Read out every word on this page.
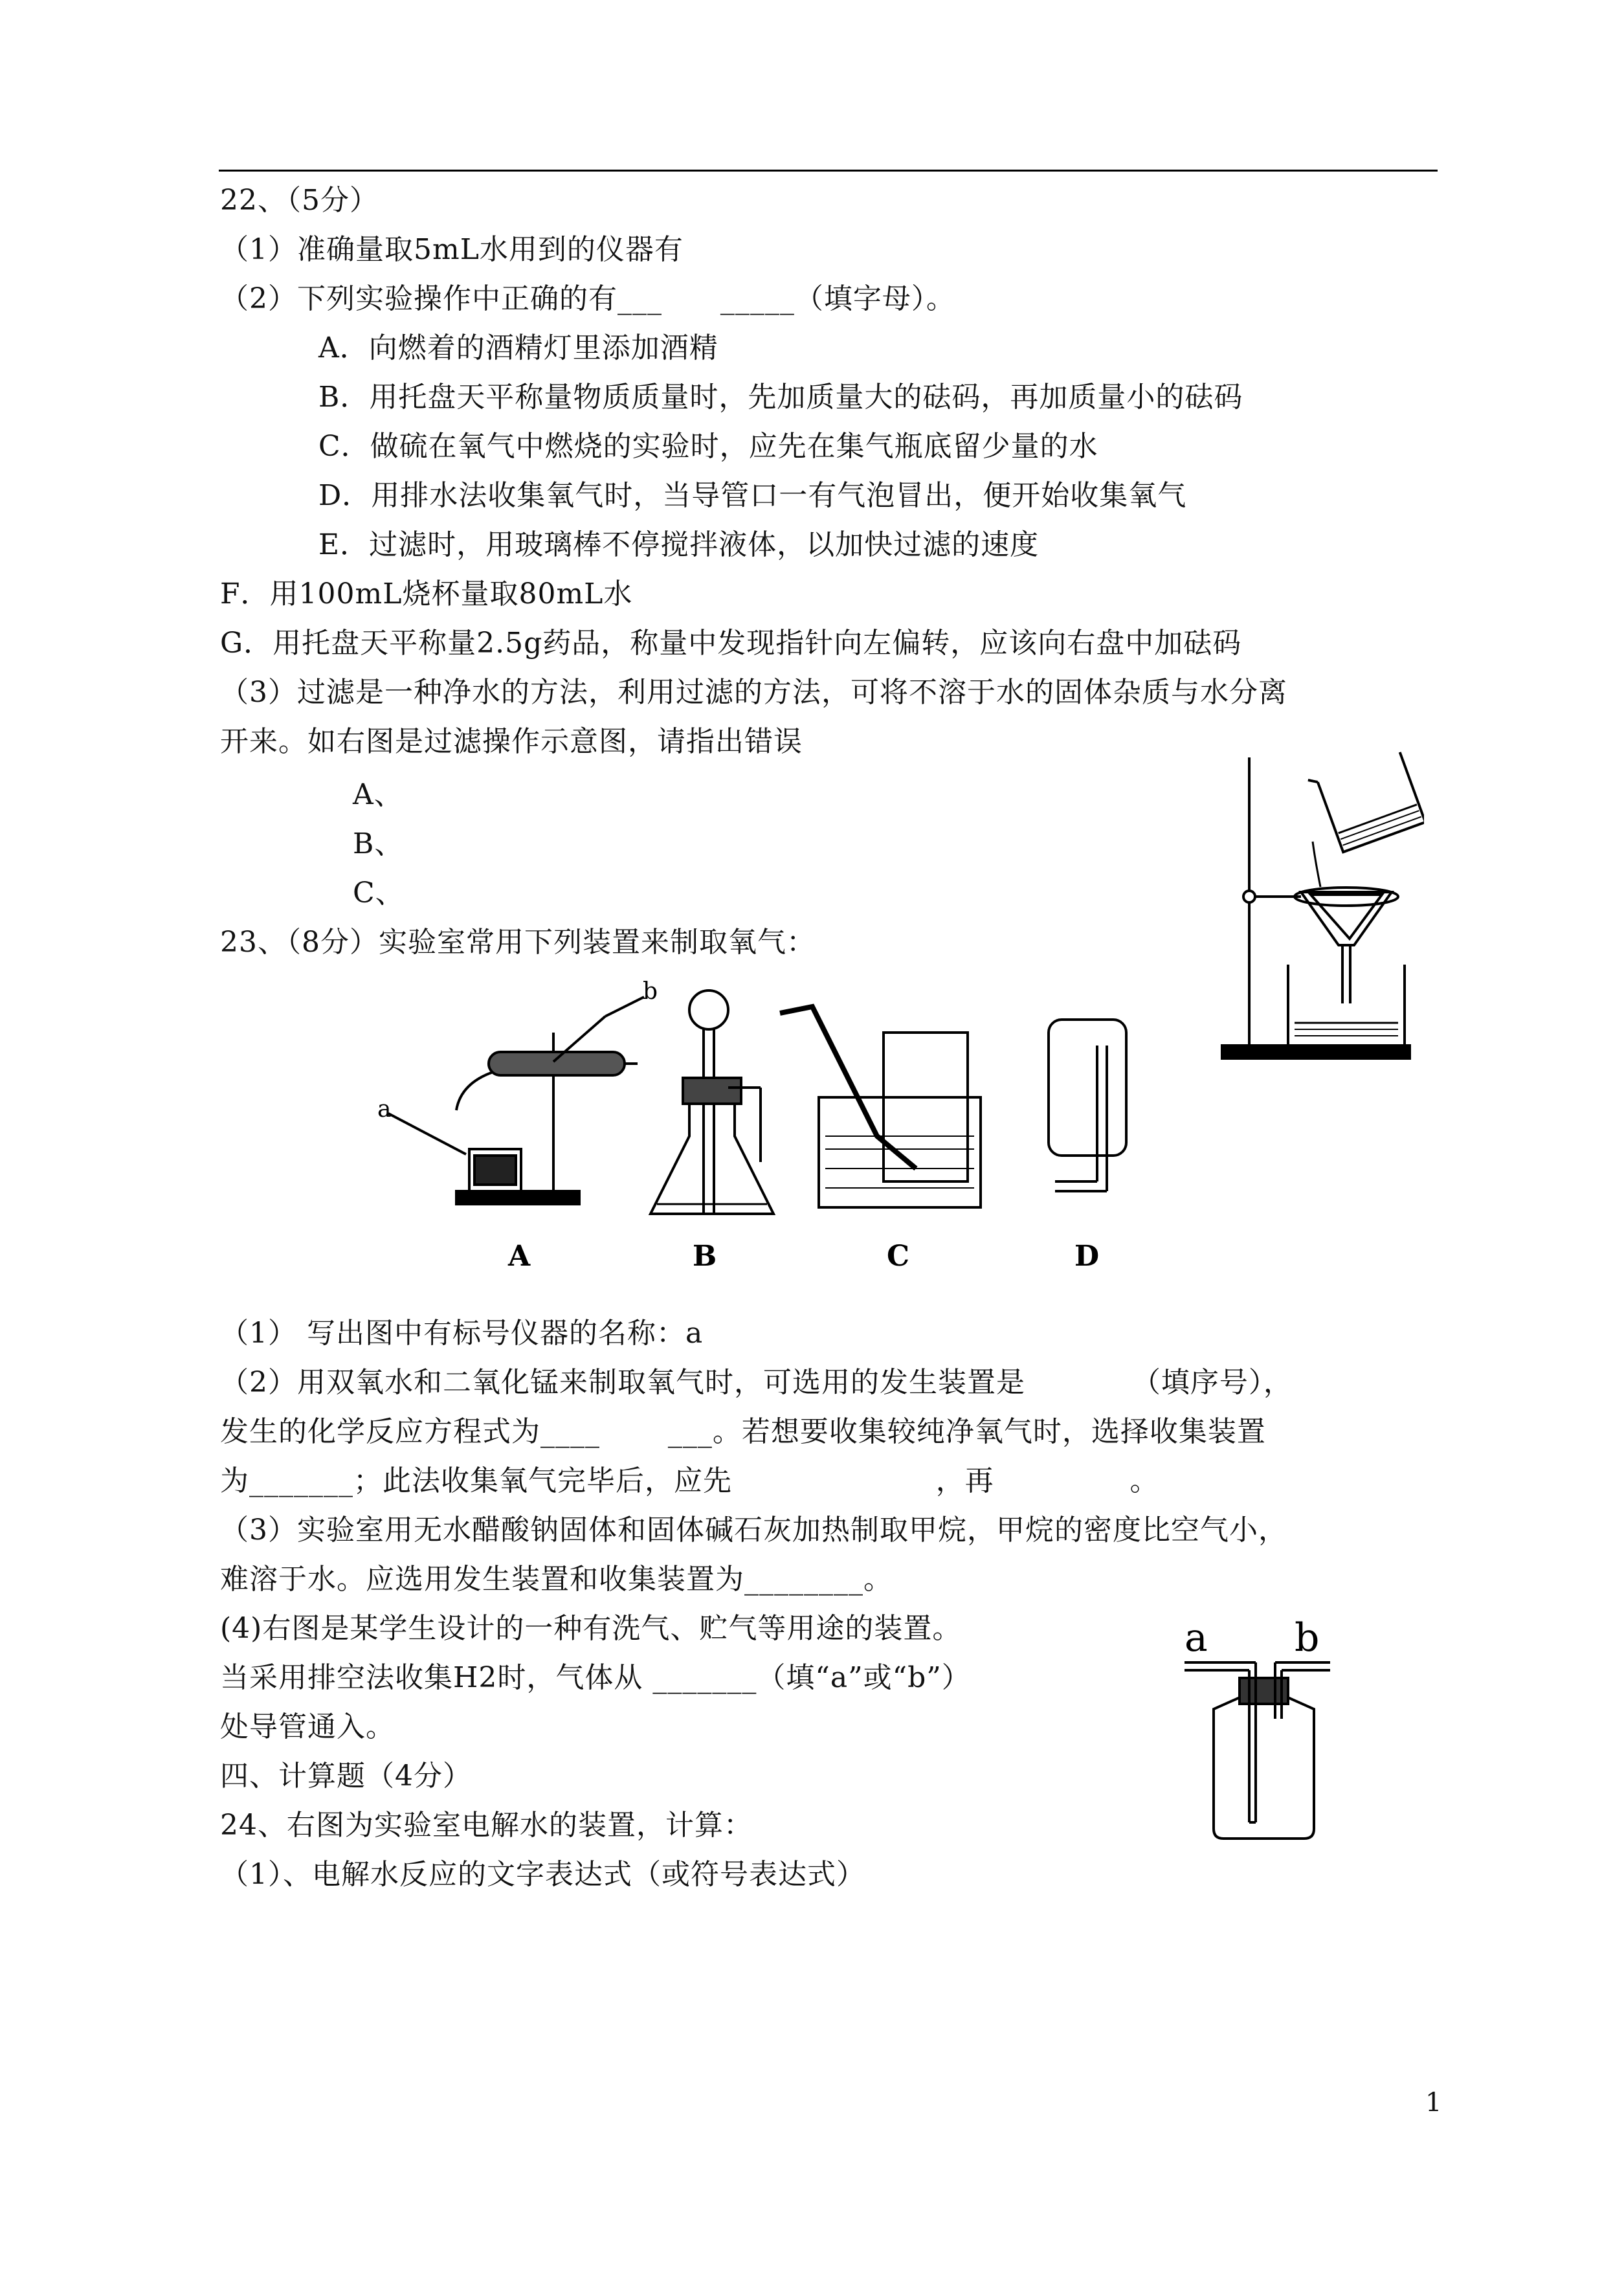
22、（5分）
（1）准确量取5mL水用到的仪器有
（2）下列实验操作中正确的有___      _____（填字母）。
A．向燃着的酒精灯里添加酒精
B．用托盘天平称量物质质量时，先加质量大的砝码，再加质量小的砝码
C．做硫在氧气中燃烧的实验时，应先在集气瓶底留少量的水
D．用排水法收集氧气时，当导管口一有气泡冒出，便开始收集氧气
E．过滤时，用玻璃棒不停搅拌液体，以加快过滤的速度
F．用100mL烧杯量取80mL水
G．用托盘天平称量2.5g药品，称量中发现指针向左偏转，应该向右盘中加砝码
（3）过滤是一种净水的方法，利用过滤的方法，可将不溶于水的固体杂质与水分离
开来。如右图是过滤操作示意图，请指出错误
A、
B、
C、
23、（8分）实验室常用下列装置来制取氧气：
b
a
A	B	C	D
（1） 写出图中有标号仪器的名称：a
（2）用双氧水和二氧化锰来制取氧气时，可选用的发生装置是           （填序号），
发生的化学反应方程式为____       ___。若想要收集较纯净氧气时，选择收集装置
为_______；此法收集氧气完毕后，应先                     ，再              。
（3）实验室用无水醋酸钠固体和固体碱石灰加热制取甲烷，甲烷的密度比空气小，
难溶于水。应选用发生装置和收集装置为________。
(4)右图是某学生设计的一种有洗气、贮气等用途的装置。
当采用排空法收集H2时，气体从 _______（填“a”或“b”）
处导管通入。
a b
四、计算题（4分）
24、右图为实验室电解水的装置，计算：
（1）、电解水反应的文字表达式（或符号表达式）
1
